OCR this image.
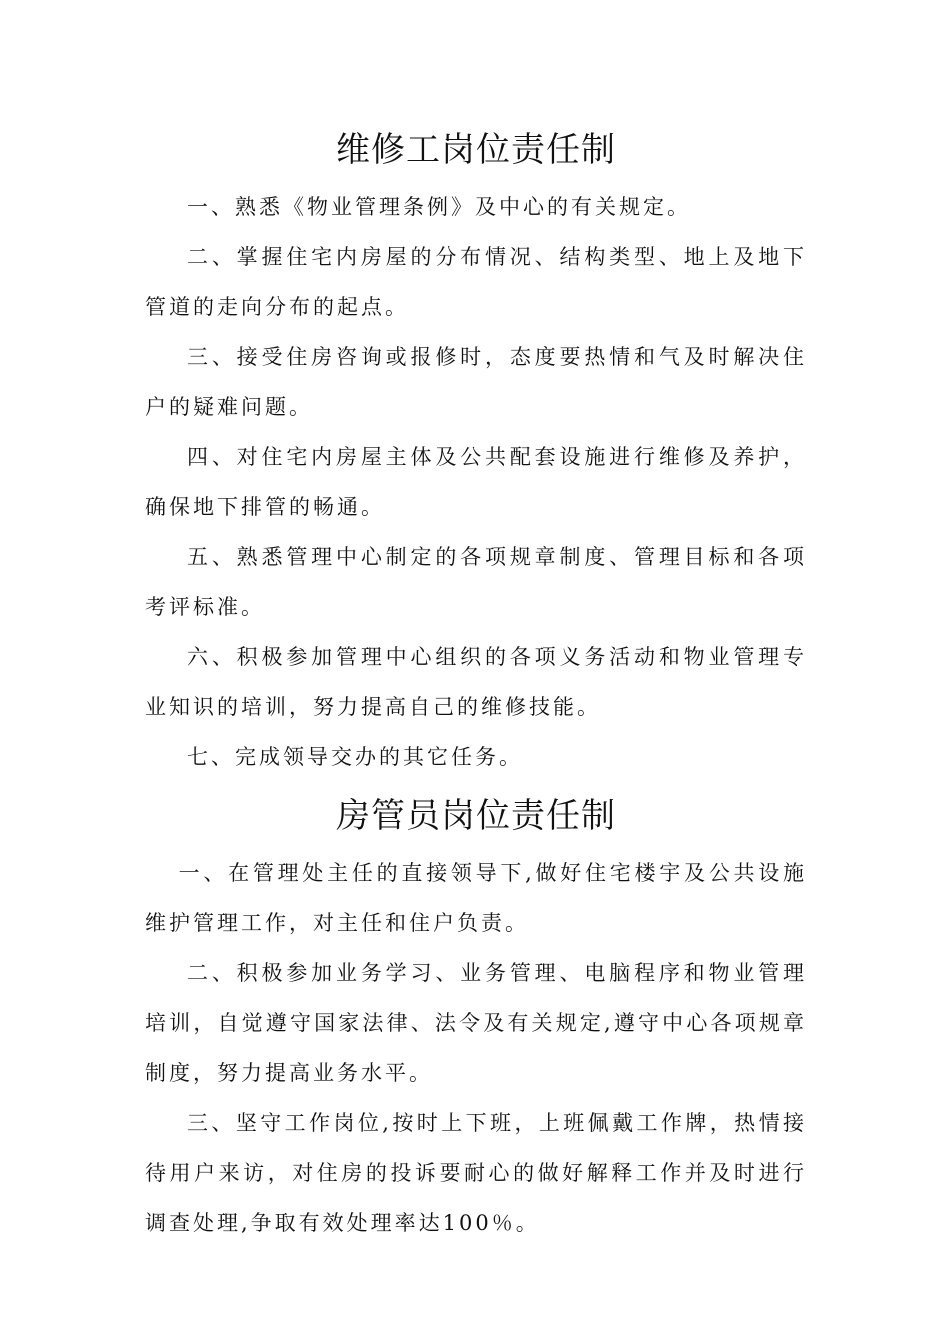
维修工岗位责任制

一、熟悉《物业管理条例》及中心的有关规定。

二、掌握住宅内房屋的分布情况、结构类型、地上及地下管道的走向分布的起点。

三、接受住房咨询或报修时，态度要热情和气及时解决住户的疑难问题。

四、对住宅内房屋主体及公共配套设施进行维修及养护，确保地下排管的畅通。

五、熟悉管理中心制定的各项规章制度、管理目标和各项考评标准。

六、积极参加管理中心组织的各项义务活动和物业管理专业知识的培训，努力提高自己的维修技能。

七、完成领导交办的其它任务。

房管员岗位责任制

一、在管理处主任的直接领导下,做好住宅楼宇及公共设施维护管理工作，对主任和住户负责。

二、积极参加业务学习、业务管理、电脑程序和物业管理培训，自觉遵守国家法律、法令及有关规定,遵守中心各项规章制度，努力提高业务水平。

三、坚守工作岗位,按时上下班，上班佩戴工作牌，热情接待用户来访，对住房的投诉要耐心的做好解释工作并及时进行调查处理,争取有效处理率达100％。
